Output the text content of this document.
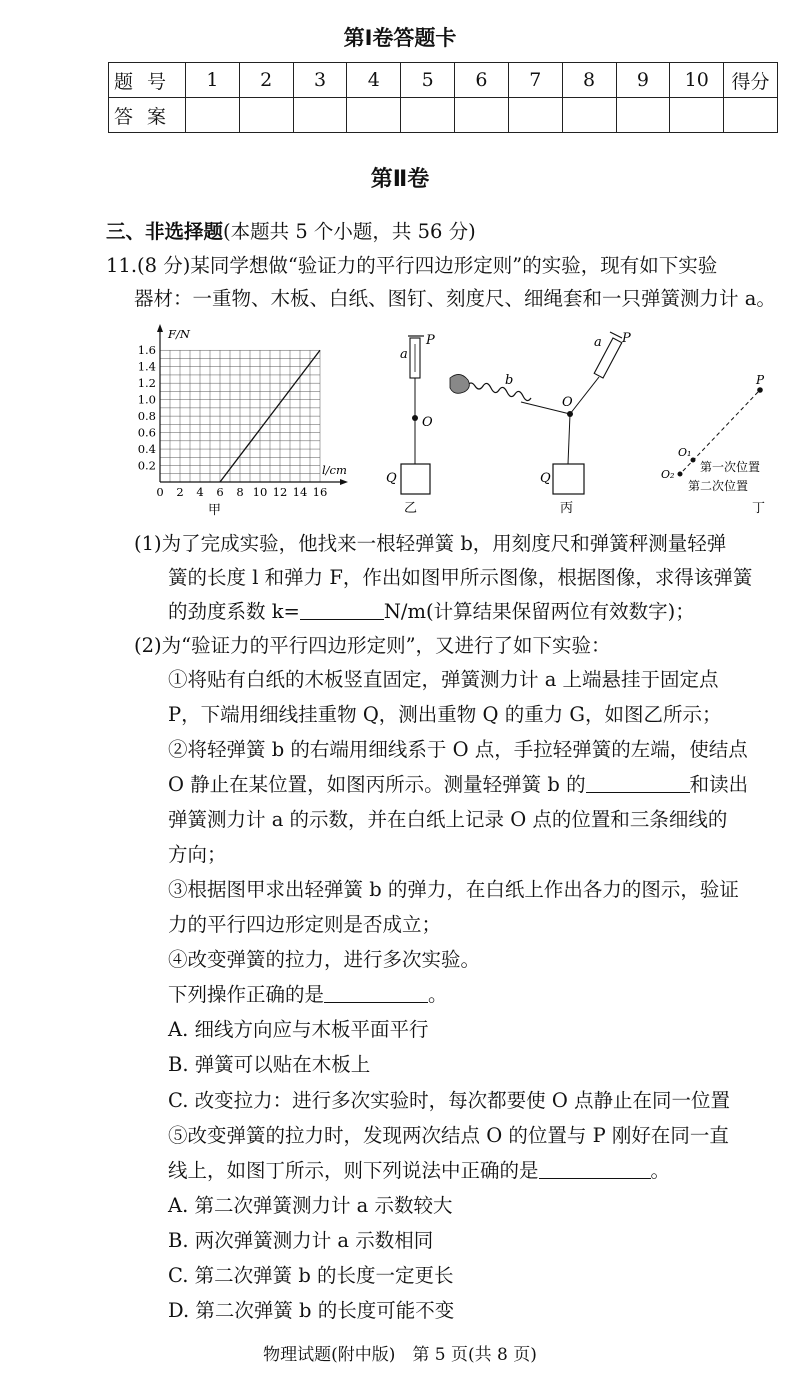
第Ⅰ卷答题卡
题号	1	2	3	4	5	6	7	8	9	10	得分
答案											
第Ⅱ卷
三、非选择题(本题共 5 个小题，共 56 分)
11.(8 分)某同学想做“验证力的平行四边形定则”的实验，现有如下实验
器材：一重物、木板、白纸、图钉、刻度尺、细绳套和一只弹簧测力计 a。
0 2 4 6 8 10 12 14 16
0.2
0.4
0.6
0.8
1.0
1.2
1.4
1.6
F/N
l/cm
甲
a
P
O
Q
乙
a P
b
O
Q
丙
P
O₁
O₂
第一次位置
第二次位置
丁
(1)为了完成实验，他找来一根轻弹簧 b，用刻度尺和弹簧秤测量轻弹
簧的长度 l 和弹力 F，作出如图甲所示图像，根据图像，求得该弹簧
的劲度系数 k=	N/m(计算结果保留两位有效数字)；
(2)为“验证力的平行四边形定则”，又进行了如下实验：
①将贴有白纸的木板竖直固定，弹簧测力计 a 上端悬挂于固定点
P，下端用细线挂重物 Q，测出重物 Q 的重力 G，如图乙所示；
②将轻弹簧 b 的右端用细线系于 O 点，手拉轻弹簧的左端，使结点
O 静止在某位置，如图丙所示。测量轻弹簧 b 的	和读出
弹簧测力计 a 的示数，并在白纸上记录 O 点的位置和三条细线的
方向；
③根据图甲求出轻弹簧 b 的弹力，在白纸上作出各力的图示，验证
力的平行四边形定则是否成立；
④改变弹簧的拉力，进行多次实验。
下列操作正确的是	。
A. 细线方向应与木板平面平行
B. 弹簧可以贴在木板上
C. 改变拉力：进行多次实验时，每次都要使 O 点静止在同一位置
⑤改变弹簧的拉力时，发现两次结点 O 的位置与 P 刚好在同一直
线上，如图丁所示，则下列说法中正确的是	。
A. 第二次弹簧测力计 a 示数较大
B. 两次弹簧测力计 a 示数相同
C. 第二次弹簧 b 的长度一定更长
D. 第二次弹簧 b 的长度可能不变
物理试题(附中版)　第 5 页(共 8 页)
